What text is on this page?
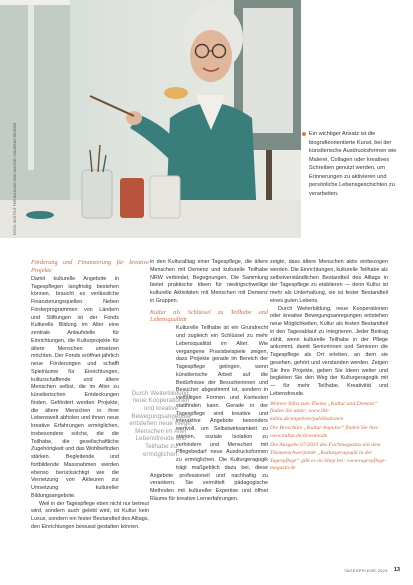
FOTO: INSTITUT FÜR BILDUNG UND KULTUR / ANDREAS REHDER	Ein wichtiger Ansatz ist die biografieorientierte Kunst, bei der künstlerische Ausdrucksformen wie Malerei, Collagen oder kreatives Schreiben genutzt werden, um Erinnerungen zu aktivieren und persönliche Lebensgeschichten zu verarbeiten.

Förderung und Finanzierung für kreative Projekte

Damit kulturelle Angebote in Tagespflegen langfristig bestehen können, braucht es verlässliche Finanzierungsquellen. Neben Förderprogrammen von Ländern und Stiftungen ist der Fonds Kulturelle Bildung im Alter eine zentrale Anlaufstelle für Einrichtungen, die Kulturprojekte für ältere Menschen umsetzen möchten. Der Fonds eröffnet jährlich neue Förderungen und schafft Spielräume für Einrichtungen, kulturschaffende und ältere Menschen selbst, die im Alter zu künstlerischen Entdeckungen finden. Gefördert werden Projekte, die ältere Menschen in ihrer Lebenswelt abholen und ihnen neue kreative Erfahrungen ermöglichen, insbesondere solche, die die Teilhabe, die gesellschaftliche Zugehörigkeit und das Wohlbefinden stärken. Begleitende und fortbildende Massnahmen werden ebenso berücksichtigt wie die Vernetzung von Akteuren zur Umsetzung kultureller Bildungsangebote.

Weil in der Tagespflege eben nicht nur betreut wird, sondern auch gelebt wird, ist Kultur kein Luxus, sondern ein fester Bestandteil des Alltags, den Einrichtungen bewusst gestalten können.

in den Kulturalltag einer Tagespflege, die ältere Menschen mit Demenz und kulturelle Teilhabe NRW verbindet, Begegnungen. Die Sammlung bietet praktische Ideen für niedrigschwellige kulturelle Aktivitäten mit Menschen mit Demenz in Gruppen.

Kultur als Schlüssel zu Teilhabe und Lebensqualität

Kulturelle Teilhabe ist ein Grundrecht und zugleich ein Schlüssel zu mehr Lebensqualität im Alter. Wie vergangene Praxisbeispiele zeigen, dass Projekte gerade im Bereich der Tagespflege gelingen, wenn künstlerische Arbeit auf die Bedürfnisse der Besucherinnen und Besucher abgestimmt ist, sondern in vielfältigen Formen und Kontexten stattfinden kann. Gerade in der Tagespflege sind kreative und interaktive Angebote besonders wertvoll, um Selbstwirksamkeit zu stärken, soziale Isolation zu verhindern und Menschen mit Pflegebedarf neue Ausdrucksformen zu ermöglichen. Die Kulturgeragogik trägt maßgeblich dazu bei, diese Angebote professionell und nachhaltig zu verankern. Sie vermittelt pädagogische Methoden mit kultureller Expertise und öffnet Räume für kreative Lernerfahrungen.

zeigte, dass ältere Menschen aktiv einbezogen werden. Die Einrichtungen, kulturelle Teilhabe als selbstverständlichen Bestandteil des Alltags in der Tagespflege zu etablieren — denn Kultur ist mehr als Unterhaltung, sie ist fester Bestandteil eines guten Lebens.

Durch Weiterbildung, neue Kooperationen oder kreative Bewegungsanregungen entstehen neue Möglichkeiten, Kultur als festen Bestandteil in den Tagesablauf zu integrieren. Jeder Beitrag zählt, wenn kulturelle Teilhabe in der Pflege ankommt, damit Seniorinnen und Senioren die Tagespflege als Ort erleben, an dem sie gesehen, gehört und verstanden werden. Zeigen Sie Ihre Projekte, geben Sie Ideen weiter und begleiten Sie den Weg der Kulturgeragogik mit — für mehr Teilhabe, Kreativität und Lebensfreude.

Weitere Infos zum Thema „Kultur und Demenz“ finden Sie unter: www.ibk-kubia.de/angebote/publikationen

Die Broschüre „Kultur-Impulse“ finden Sie hier: www.kubia.de/downloads

Die Ausgabe 07/2023 des Fachmagazins mit dem Themenschwerpunkt „Kulturgeragogik in der Tagespflege“ gibt es im Shop bei: www.tagespflege-magazin.de

Durch Weiterbildung, neue Kooperationen und kreative Bewegungsangebote entstehen neue Wege, Menschen im Alter Lebensfreude und Teilhabe zu ermöglichen.

TAGESPFLEGE 2024 13
